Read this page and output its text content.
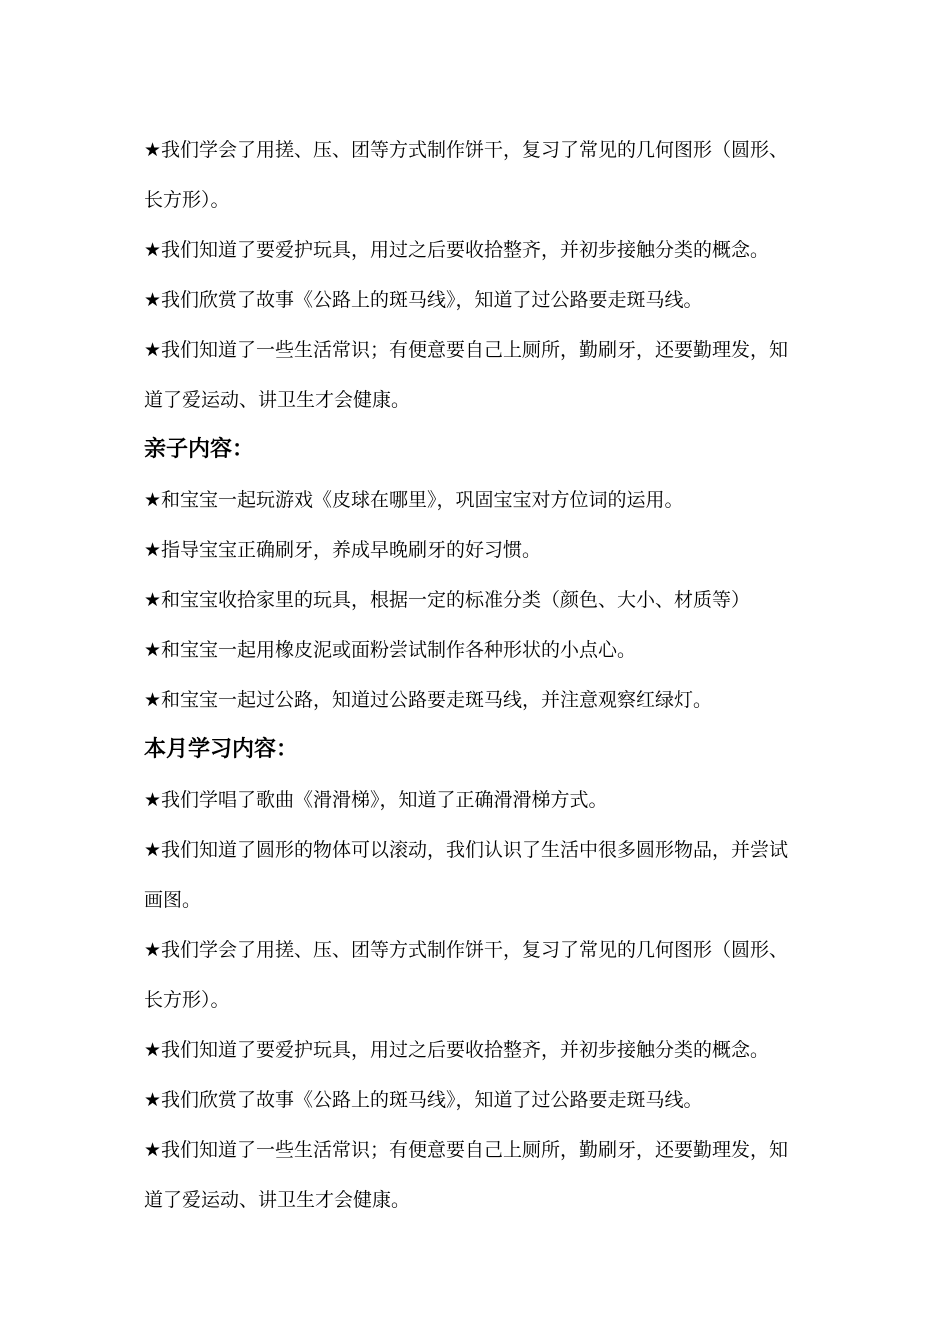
★我们学会了用搓、压、团等方式制作饼干，复习了常见的几何图形（圆形、
长方形）。
★我们知道了要爱护玩具，用过之后要收拾整齐，并初步接触分类的概念。
★我们欣赏了故事《公路上的斑马线》，知道了过公路要走斑马线。
★我们知道了一些生活常识；有便意要自己上厕所，勤刷牙，还要勤理发，知
道了爱运动、讲卫生才会健康。
亲子内容：
★和宝宝一起玩游戏《皮球在哪里》，巩固宝宝对方位词的运用。
★指导宝宝正确刷牙，养成早晚刷牙的好习惯。
★和宝宝收拾家里的玩具，根据一定的标准分类（颜色、大小、材质等）
★和宝宝一起用橡皮泥或面粉尝试制作各种形状的小点心。
★和宝宝一起过公路，知道过公路要走斑马线，并注意观察红绿灯。
本月学习内容：
★我们学唱了歌曲《滑滑梯》，知道了正确滑滑梯方式。
★我们知道了圆形的物体可以滚动，我们认识了生活中很多圆形物品，并尝试
画图。
★我们学会了用搓、压、团等方式制作饼干，复习了常见的几何图形（圆形、
长方形）。
★我们知道了要爱护玩具，用过之后要收拾整齐，并初步接触分类的概念。
★我们欣赏了故事《公路上的斑马线》，知道了过公路要走斑马线。
★我们知道了一些生活常识；有便意要自己上厕所，勤刷牙，还要勤理发，知
道了爱运动、讲卫生才会健康。
